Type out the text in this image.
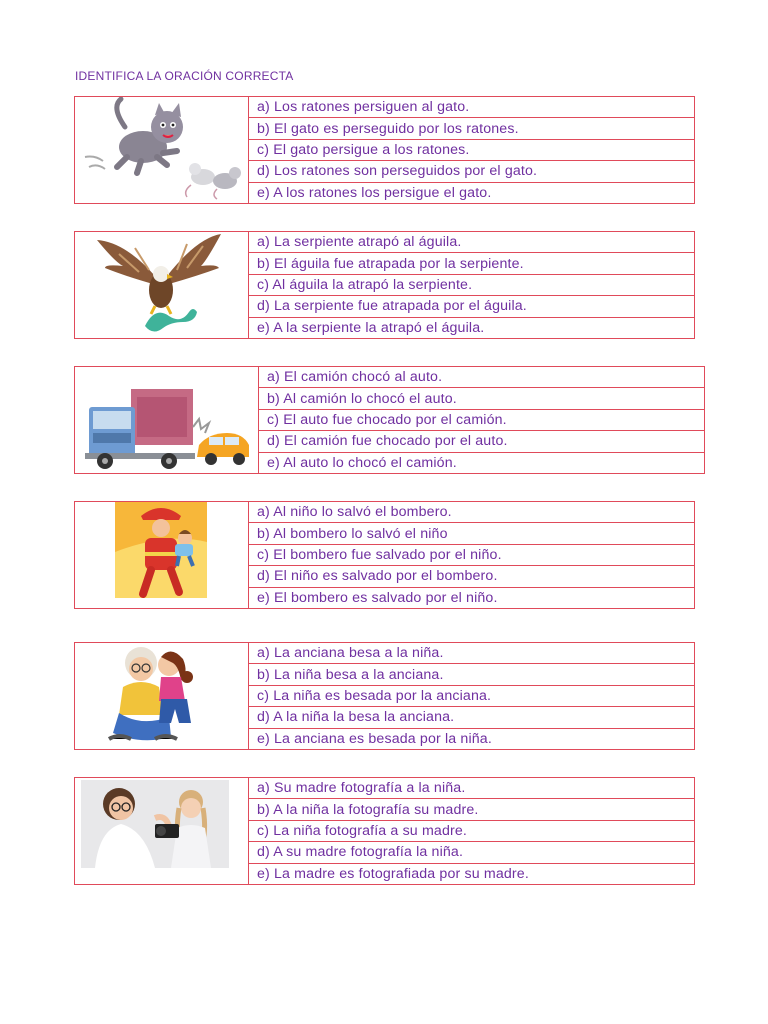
IDENTIFICA LA ORACIÓN CORRECTA
a) Los ratones persiguen al gato.
b) El gato es perseguido por los ratones.
c) El gato persigue a los ratones.
d) Los ratones son perseguidos por el gato.
e) A los ratones los persigue el gato.
a) La serpiente atrapó al águila.
b) El águila fue atrapada por la serpiente.
c) Al águila la atrapó la serpiente.
d) La serpiente fue atrapada por el águila.
e) A la serpiente la atrapó el águila.
a) El camión chocó al auto.
b) Al camión lo chocó el auto.
c) El auto fue chocado por el camión.
d) El camión fue chocado por el auto.
e) Al auto lo chocó el camión.
a) Al niño lo salvó el bombero.
b) Al bombero lo salvó el niño
c) El bombero fue salvado por el niño.
d) El niño es salvado por el bombero.
e) El bombero es salvado por el niño.
a) La anciana besa a la niña.
b) La niña besa a la anciana.
c) La niña es besada por la anciana.
d) A la niña la besa la anciana.
e) La anciana es besada por la niña.
a) Su madre fotografía a la niña.
b) A la niña la fotografía su madre.
c) La niña fotografía a su madre.
d) A su madre fotografía la niña.
e) La madre es fotografiada por su madre.
